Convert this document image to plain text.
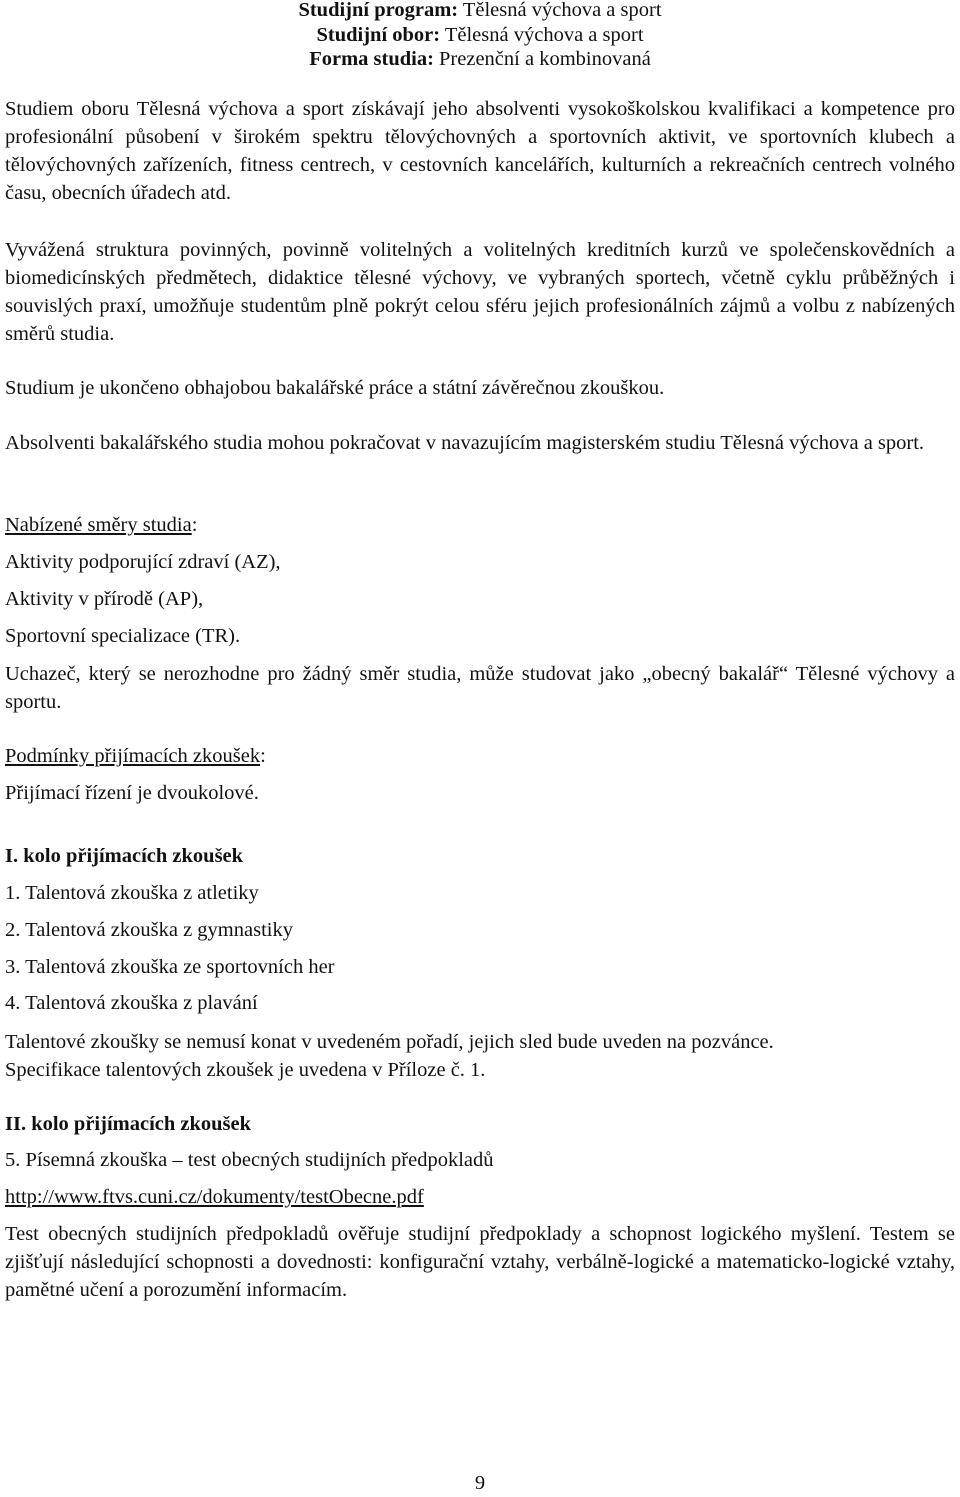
Studijní program: Tělesná výchova a sport
Studijní obor: Tělesná výchova a sport
Forma studia: Prezenční a kombinovaná

Studiem oboru Tělesná výchova a sport získávají jeho absolventi vysokoškolskou kvalifikaci a kompetence pro profesionální působení v širokém spektru tělovýchovných a sportovních aktivit, ve sportovních klubech a tělovýchovných zařízeních, fitness centrech, v cestovních kancelářích, kulturních a rekreačních centrech volného času, obecních úřadech atd.

Vyvážená struktura povinných, povinně volitelných a volitelných kreditních kurzů ve společenskovědních a biomedicínských předmětech, didaktice tělesné výchovy, ve vybraných sportech, včetně cyklu průběžných i souvislých praxí, umožňuje studentům plně pokrýt celou sféru jejich profesionálních zájmů a volbu z nabízených směrů studia.

Studium je ukončeno obhajobou bakalářské práce a státní závěrečnou zkouškou.

Absolventi bakalářského studia mohou pokračovat v navazujícím magisterském studiu Tělesná výchova a sport.

Nabízené směry studia:
Aktivity podporující zdraví (AZ),
Aktivity v přírodě (AP),
Sportovní specializace (TR).

Uchazeč, který se nerozhodne pro žádný směr studia, může studovat jako „obecný bakalář“ Tělesné výchovy a sportu.

Podmínky přijímacích zkoušek:
Přijímací řízení je dvoukolové.
I. kolo přijímacích zkoušek
1. Talentová zkouška z atletiky
2. Talentová zkouška z gymnastiky
3. Talentová zkouška ze sportovních her
4. Talentová zkouška z plavání
Talentové zkoušky se nemusí konat v uvedeném pořadí, jejich sled bude uveden na pozvánce.
Specifikace talentových zkoušek je uvedena v Příloze č. 1.
II. kolo přijímacích zkoušek
5. Písemná zkouška – test obecných studijních předpokladů
http://www.ftvs.cuni.cz/dokumenty/testObecne.pdf

Test obecných studijních předpokladů ověřuje studijní předpoklady a schopnost logického myšlení. Testem se zjišťují následující schopnosti a dovednosti: konfigurační vztahy, verbálně-logické a matematicko-logické vztahy, pamětné učení a porozumění informacím.

9
